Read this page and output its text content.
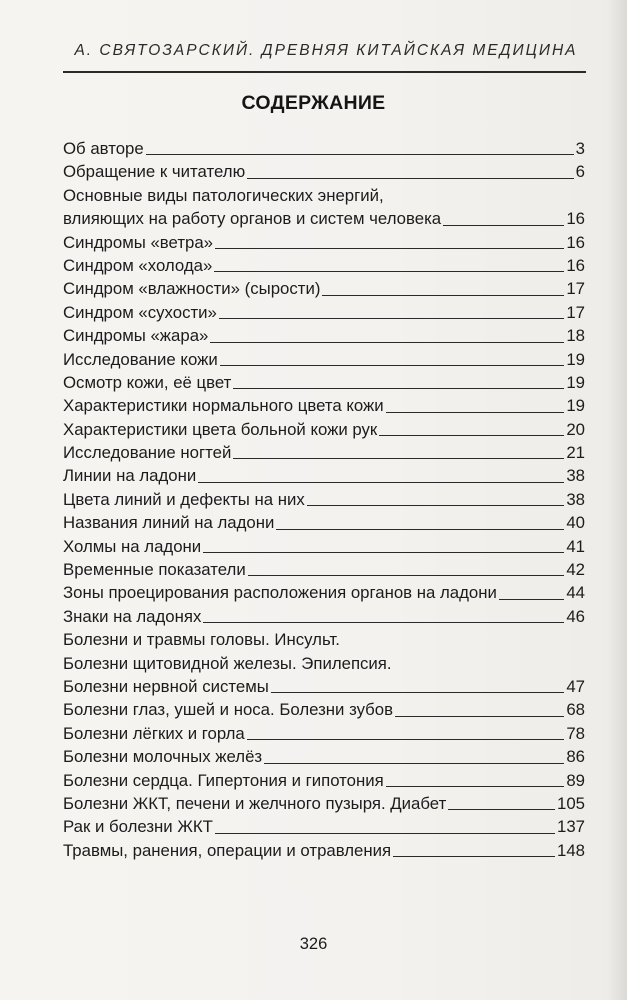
А. СВЯТОЗАРСКИЙ. ДРЕВНЯЯ КИТАЙСКАЯ МЕДИЦИНА
СОДЕРЖАНИЕ
Об авторе	3
Обращение к читателю	6
Основные виды патологических энергий,
влияющих на работу органов и систем человека	16
Синдромы «ветра»	16
Синдром «холода»	16
Синдром «влажности» (сырости)	17
Синдром «сухости»	17
Синдромы «жара»	18
Исследование кожи	19
Осмотр кожи, её цвет	19
Характеристики нормального цвета кожи	19
Характеристики цвета больной кожи рук	20
Исследование ногтей	21
Линии на ладони	38
Цвета линий и дефекты на них	38
Названия линий на ладони	40
Холмы на ладони	41
Временные показатели	42
Зоны проецирования расположения органов на ладони	44
Знаки на ладонях	46
Болезни и травмы головы. Инсульт.
Болезни щитовидной железы. Эпилепсия.
Болезни нервной системы	47
Болезни глаз, ушей и носа. Болезни зубов	68
Болезни лёгких и горла	78
Болезни молочных желёз	86
Болезни сердца. Гипертония и гипотония	89
Болезни ЖКТ, печени и желчного пузыря. Диабет	105
Рак и болезни ЖКТ	137
Травмы, ранения, операции и отравления	148
326
